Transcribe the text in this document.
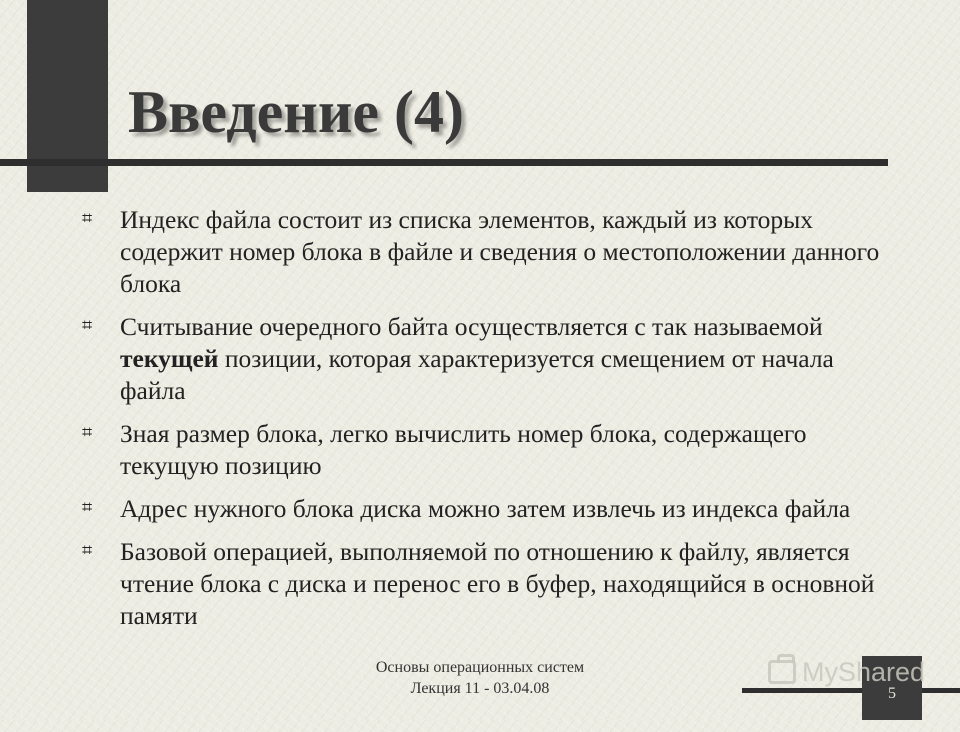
Введение (4)
⌗ Индекс файла состоит из списка элементов, каждый из которых содержит номер блока в файле и сведения о местоположении данного блока
⌗ Считывание очередного байта осуществляется с так называемой текущей позиции, которая характеризуется смещением от начала файла
⌗ Зная размер блока, легко вычислить номер блока, содержащего текущую позицию
⌗ Адрес нужного блока диска можно затем извлечь из индекса файла
⌗ Базовой операцией, выполняемой по отношению к файлу, является чтение блока с диска и перенос его в буфер, находящийся в основной памяти
Основы операционных систем
Лекция 11 - 03.04.08	5
MyShared
